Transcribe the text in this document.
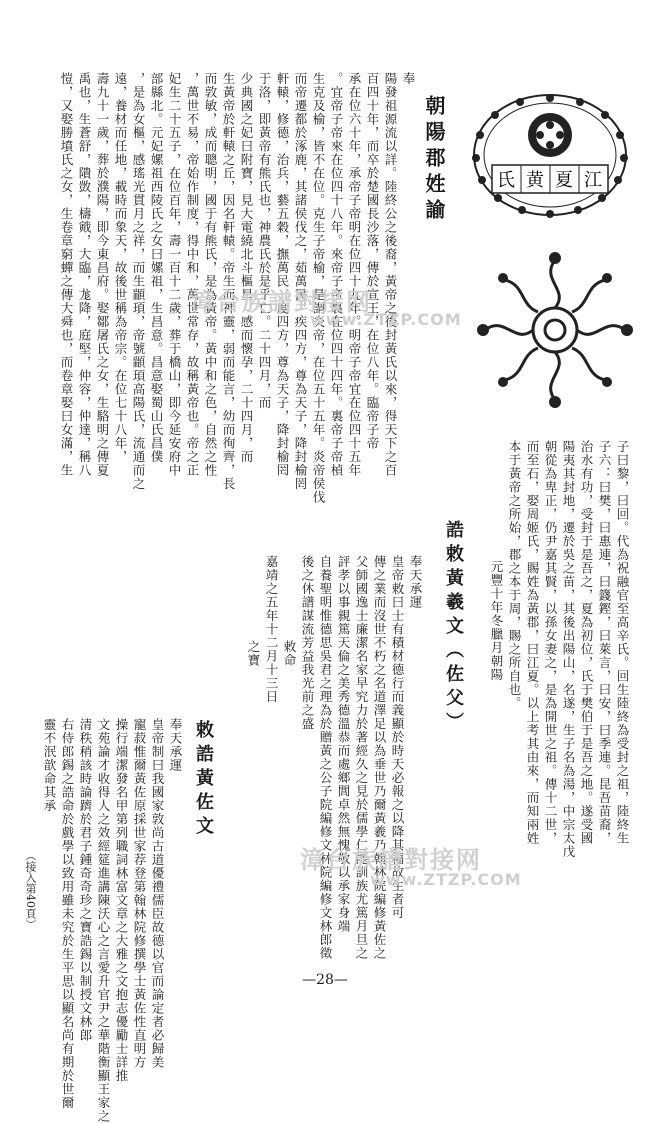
氏 黄 夏 江
朝陽郡姓諭
奉
陽發祖源流以詳。陸終公之後裔，黃帝之後封黃氏以來，得天下之百
百四十年，而卒於楚國長沙落，傳於宣王，在位八年。臨帝子帝
承在位六十年，承帝子帝明在位四十九年。明帝子帝宜在位四十五年
。宜帝子帝來在位四十八年。來帝子帝裏在位四十四年。裏帝子帝楨
生克及榆，皆不在位。克生子帝榆，是謂炎帝，在位五十五年。炎帝侯伐
而帝遷都於涿鹿，其諸侯伐之，茹萬民，疾四方，尊為天子，降封榆罔
軒轅，修德，治兵，藝五穀，撫萬民，度四方，尊為天子，降封榆罔
于洛，即黃帝有熊氏也，神農氏於是乎亡。二十四月，而
少典國之妃曰附寶，見大電繞北斗樞星，感而懷孕，二十四月，而
生黃帝於軒轅之丘，因名軒轅。帝生而神靈，弱而能言，幼而徇齊，長
而敦敏，成而聰明，國于有熊氏，是為黃帝。黃中和之色，自然之性
，萬世不易，帝始作制度，得中和，萬世常存，故稱黃帝也。帝之正
妃生二十五子，在位百年，壽一百十二歲，葬于橋山，即今延安府中
部縣北。元妃嫘祖西陵氏之女曰嫘祖，生昌意。昌意娶蜀山氏昌僕
，是為女樞，感瑤光貫月之祥，而生顓頊，帝號顓頊高陽氏，流通而之
遠，養材而任地，載時而象天，故後世稱為帝宗。在位七十八年，
壽九十一歲，葬於濮陽，即今東昌府。娶鄒屠氏之女，生駱明之傳夏
禹也，生蒼舒，隤敳，檮戭，大臨，尨降，庭堅，仲容，仲達，稱八
愷，又娶勝墳氏之女，生卷章窮蟬之傳大舜也，而卷章娶曰女滿，生
子曰黎，曰回。代為祝融官至高辛氏。回生陸終為受封之祖，陸終生
子六：曰樊，曰惠連，曰籛鏗，曰萊言，曰安，曰季連。昆吾苗裔，
治水有功，受封于是吾之，夏為初位，氏于樊伯于是吾之地。遂受國
陽夷其封地，遷於吳之苗，其後出陽山，名遂，生子名為湯，中宗太戊
朝從為卑正，仍尹嘉其賢，以孫女妻之，是為開世之祖。傳十二世，
而至石，娶周姬氏，賜姓為黃郡，曰江夏。以上考其由來，而知兩姓
本于黃帝之所始，郡之本于周，賜之所自也。
元豐十年冬臘月朝陽
誥敕黃羲文（佐父）
奉天承運
皇帝敕曰士有積材德行而義顯於時天必報之以降其福故生者可
傳之業而沒世不朽之名道澤足以為垂世乃爾黃羲乃翰林院編修黃佐之
父師國逸士廉潔名家早究力於著經久之見於儒學仁能訓族尤篤月旦之
評孝以事親篤天倫之美秀德溫恭而處鄉閭卓然無愧敬以承家身端
自養聖明惟德思吳君之理為於贈黃之公子院編修文林院編修文林郎徵
後之休譜謀流芳益我光前之盛
敕命
嘉靖之五年十二月十三日
之寶
敕誥黃佐文
奉天承運
皇帝制曰我國家敦尚古道優禮儒臣故德以官而論定者必歸美
寵菽惟爾黃佐原採世家荐登第翰林院修撰學士黃佐性直明方
操行端潔發名甲第列職詞林富文章之大雅之文抱志優勵士詳推
文苑論才收得人之效經筵進講陳沃心之言愛升官尹之華階衡顯王家之
清秩稍該時論躋於君子鍾奇奇珍之寶誥錫以制授文林郎
右侍郎錫之誥命於戲學以致用雖未究於生平思以顯名尚有期於世爾
靈不泯歆命其承
（接入第40頁）
漳台族譜對接网
www.ZTZP.COM
漳台族譜對接网
www.ZTZP.COM
—28—
